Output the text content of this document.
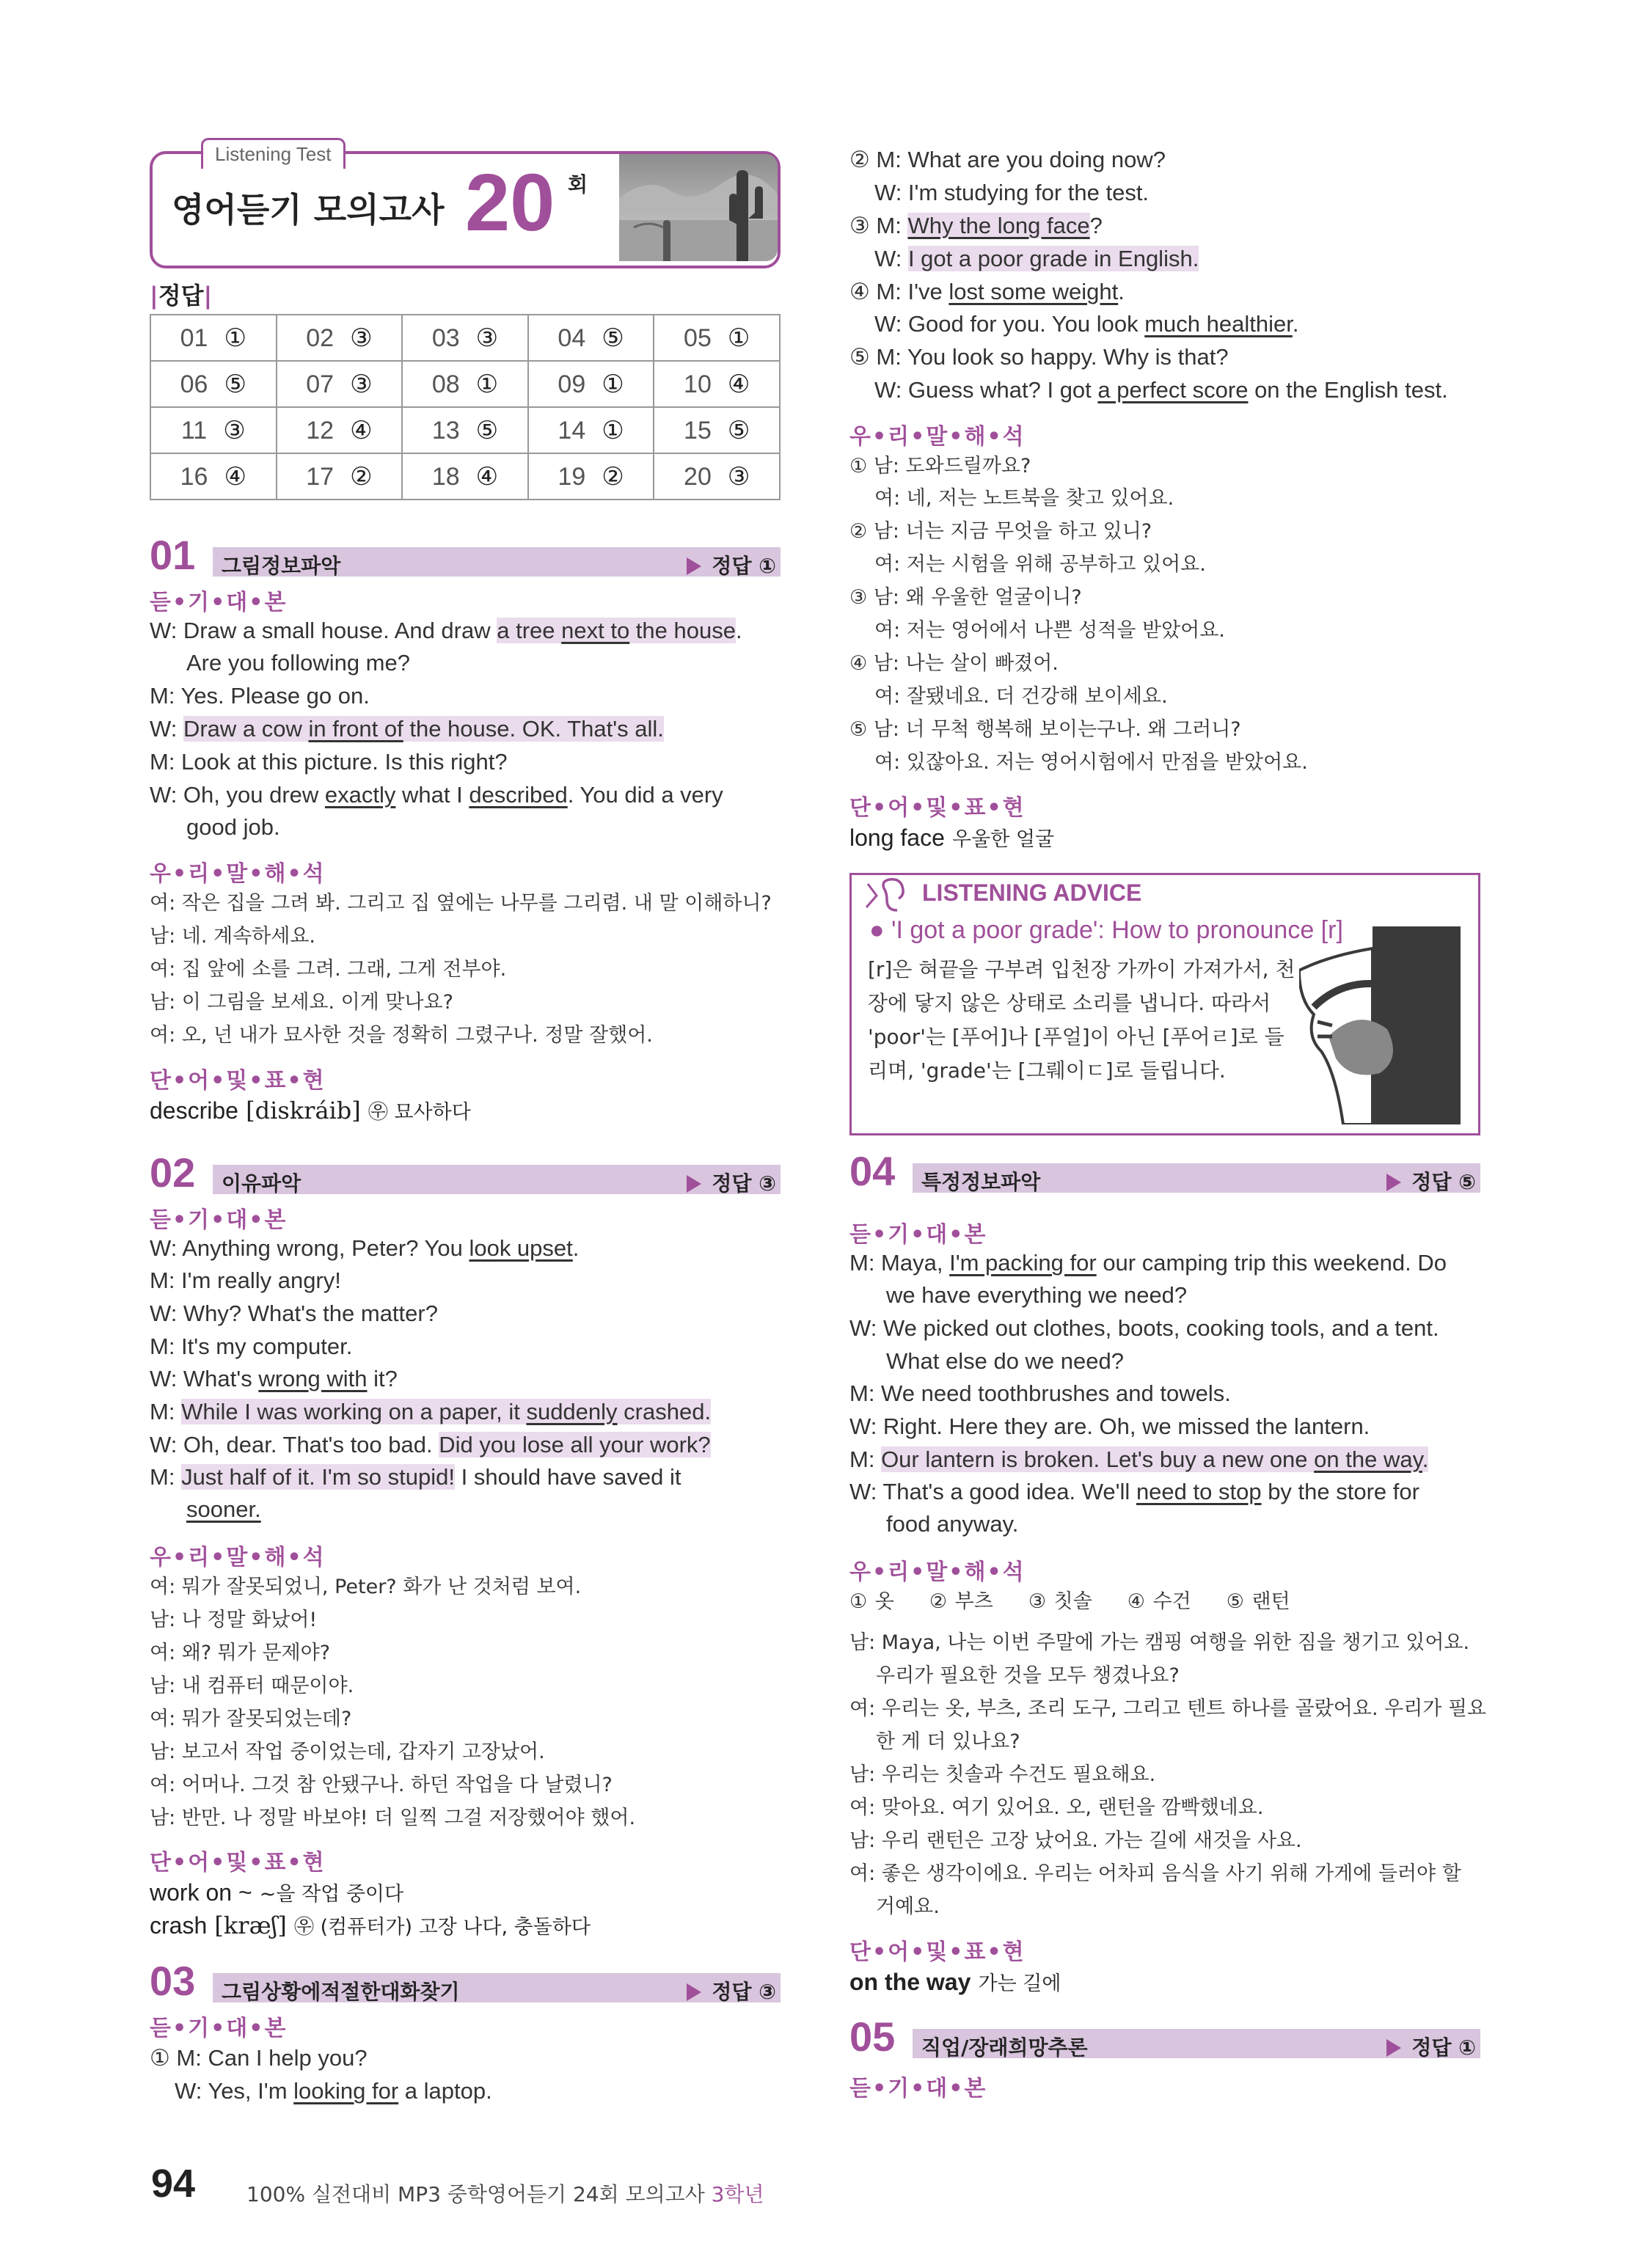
Listening Test
영어듣기 모의고사 20 회
|정답|
01 ①	02 ③	03 ③	04 ⑤	05 ①
06 ⑤	07 ③	08 ①	09 ①	10 ④
11 ③	12 ④	13 ⑤	14 ①	15 ⑤
16 ④	17 ②	18 ④	19 ②	20 ③
01 그림정보파악	정답 ①
듣•기•대•본
W: Draw a small house. And draw a tree next to the house.
Are you following me?
M: Yes. Please go on.
W: Draw a cow in front of the house. OK. That's all.
M: Look at this picture. Is this right?
W: Oh, you drew exactly what I described. You did a very
good job.
우•리•말•해•석
여: 작은 집을 그려 봐. 그리고 집 옆에는 나무를 그리렴. 내 말 이해하니?
남: 네. 계속하세요.
여: 집 앞에 소를 그려. 그래, 그게 전부야.
남: 이 그림을 보세요. 이게 맞나요?
여: 오, 넌 내가 묘사한 것을 정확히 그렸구나. 정말 잘했어.
단•어•및•표•현
describe [diskráib] ㉾ 묘사하다
02 이유파악	정답 ③
듣•기•대•본
W: Anything wrong, Peter? You look upset.
M: I'm really angry!
W: Why? What's the matter?
M: It's my computer.
W: What's wrong with it?
M: While I was working on a paper, it suddenly crashed.
W: Oh, dear. That's too bad. Did you lose all your work?
M: Just half of it. I'm so stupid! I should have saved it
sooner.
우•리•말•해•석
여: 뭐가 잘못되었니, Peter? 화가 난 것처럼 보여.
남: 나 정말 화났어!
여: 왜? 뭐가 문제야?
남: 내 컴퓨터 때문이야.
여: 뭐가 잘못되었는데?
남: 보고서 작업 중이었는데, 갑자기 고장났어.
여: 어머나. 그것 참 안됐구나. 하던 작업을 다 날렸니?
남: 반만. 나 정말 바보야! 더 일찍 그걸 저장했어야 했어.
단•어•및•표•현
work on ~ ~을 작업 중이다
crash [kræʃ] ㉾ (컴퓨터가) 고장 나다, 충돌하다
03 그림상황에적절한대화찾기	정답 ③
듣•기•대•본
① M: Can I help you?
W: Yes, I'm looking for a laptop.
② M: What are you doing now?
W: I'm studying for the test.
③ M: Why the long face?
W: I got a poor grade in English.
④ M: I've lost some weight.
W: Good for you. You look much healthier.
⑤ M: You look so happy. Why is that?
W: Guess what? I got a perfect score on the English test.
우•리•말•해•석
① 남: 도와드릴까요?
여: 네, 저는 노트북을 찾고 있어요.
② 남: 너는 지금 무엇을 하고 있니?
여: 저는 시험을 위해 공부하고 있어요.
③ 남: 왜 우울한 얼굴이니?
여: 저는 영어에서 나쁜 성적을 받았어요.
④ 남: 나는 살이 빠졌어.
여: 잘됐네요. 더 건강해 보이세요.
⑤ 남: 너 무척 행복해 보이는구나. 왜 그러니?
여: 있잖아요. 저는 영어시험에서 만점을 받았어요.
단•어•및•표•현
long face 우울한 얼굴
LISTENING ADVICE
● 'I got a poor grade': How to pronounce [r]
[r]은 혀끝을 구부려 입천장 가까이 가져가서, 천
장에 닿지 않은 상태로 소리를 냅니다. 따라서
'poor'는 [푸어]나 [푸얼]이 아닌 [푸어ㄹ]로 들
리며, 'grade'는 [그뤠이ㄷ]로 들립니다.
04 특정정보파악	정답 ⑤
듣•기•대•본
M: Maya, I'm packing for our camping trip this weekend. Do
we have everything we need?
W: We picked out clothes, boots, cooking tools, and a tent.
What else do we need?
M: We need toothbrushes and towels.
W: Right. Here they are. Oh, we missed the lantern.
M: Our lantern is broken. Let's buy a new one on the way.
W: That's a good idea. We'll need to stop by the store for
food anyway.
우•리•말•해•석
① 옷 ② 부츠 ③ 칫솔 ④ 수건 ⑤ 랜턴
남: Maya, 나는 이번 주말에 가는 캠핑 여행을 위한 짐을 챙기고 있어요.
우리가 필요한 것을 모두 챙겼나요?
여: 우리는 옷, 부츠, 조리 도구, 그리고 텐트 하나를 골랐어요. 우리가 필요
한 게 더 있나요?
남: 우리는 칫솔과 수건도 필요해요.
여: 맞아요. 여기 있어요. 오, 랜턴을 깜빡했네요.
남: 우리 랜턴은 고장 났어요. 가는 길에 새것을 사요.
여: 좋은 생각이에요. 우리는 어차피 음식을 사기 위해 가게에 들러야 할
거예요.
단•어•및•표•현
on the way 가는 길에
05 직업/장래희망추론	정답 ①
듣•기•대•본
94 100% 실전대비 MP3 중학영어듣기 24회 모의고사 3학년
